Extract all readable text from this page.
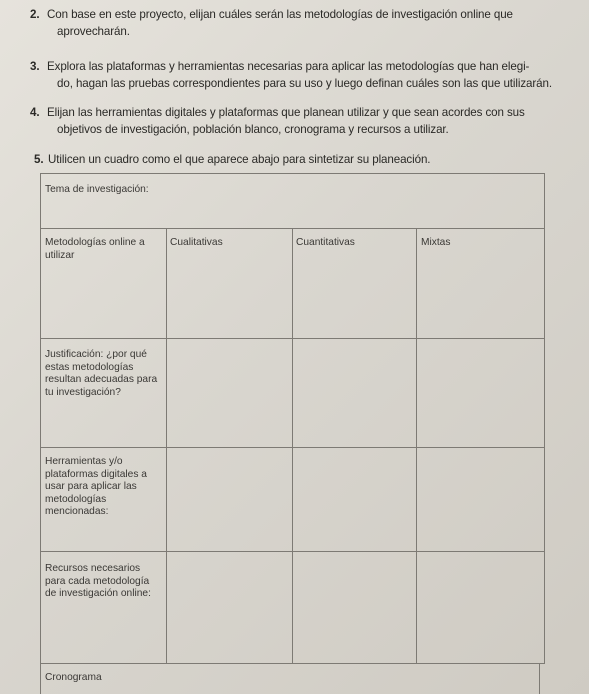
2. Con base en este proyecto, elijan cuáles serán las metodologías de investigación online que
aprovecharán.
3. Explora las plataformas y herramientas necesarias para aplicar las metodologías que han elegi-
do, hagan las pruebas correspondientes para su uso y luego definan cuáles son las que utilizarán.
4. Elijan las herramientas digitales y plataformas que planean utilizar y que sean acordes con sus
objetivos de investigación, población blanco, cronograma y recursos a utilizar.
5. Utilicen un cuadro como el que aparece abajo para sintetizar su planeación.
Tema de investigación:
Metodologías online a utilizar
Cualitativas	Cuantitativas	Mixtas
Justificación: ¿por qué estas metodologías resultan adecuadas para tu investigación?
Herramientas y/o plataformas digitales a usar para aplicar las metodologías mencionadas:
Recursos necesarios para cada metodología de investigación online:
Cronograma
